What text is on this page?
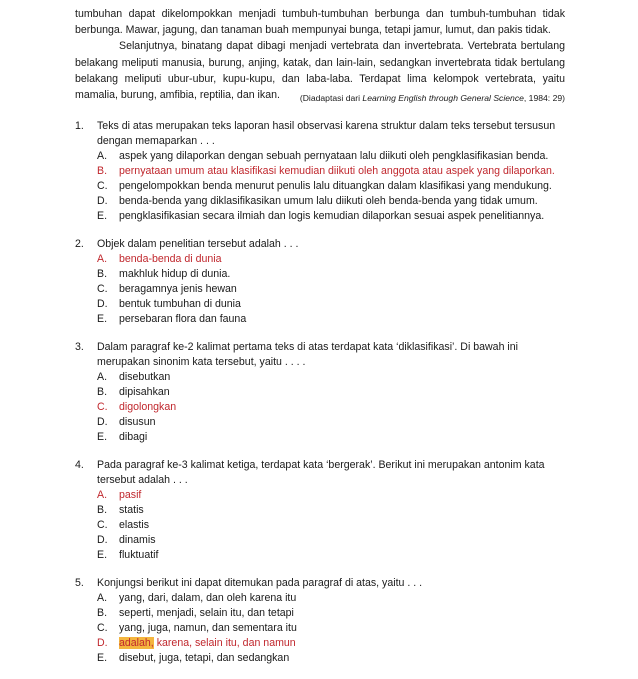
tumbuhan dapat dikelompokkan menjadi tumbuh-tumbuhan berbunga dan tumbuh-tumbuhan tidak berbunga. Mawar, jagung, dan tanaman buah mempunyai bunga, tetapi jamur, lumut, dan pakis tidak.

Selanjutnya, binatang dapat dibagi menjadi vertebrata dan invertebrata. Vertebrata bertulang belakang meliputi manusia, burung, anjing, katak, dan lain-lain, sedangkan invertebrata tidak bertulang belakang meliputi ubur-ubur, kupu-kupu, dan laba-laba. Terdapat lima kelompok vertebrata, yaitu mamalia, burung, amfibia, reptilia, dan ikan.	(Diadaptasi dari Learning English through General Science, 1984: 29)
1.	Teks di atas merupakan teks laporan hasil observasi karena struktur dalam teks tersebut tersusun dengan memaparkan . . .
A.	aspek yang dilaporkan dengan sebuah pernyataan lalu diikuti oleh pengklasifikasian benda.
B.	pernyataan umum atau klasifikasi kemudian diikuti oleh anggota atau aspek yang dilaporkan.
C.	pengelompokkan benda menurut penulis lalu dituangkan dalam klasifikasi yang mendukung.
D.	benda-benda yang diklasifikasikan umum lalu diikuti oleh benda-benda yang tidak umum.
E.	pengklasifikasian secara ilmiah dan logis kemudian dilaporkan sesuai aspek penelitiannya.
2.	Objek dalam penelitian tersebut adalah . . .
A.	benda-benda di dunia
B.	makhluk hidup di dunia.
C.	beragamnya jenis hewan
D.	bentuk tumbuhan di dunia
E.	persebaran flora dan fauna
3.	Dalam paragraf ke-2 kalimat pertama teks di atas terdapat kata ‘diklasifikasi’. Di bawah ini merupakan sinonim kata tersebut, yaitu . . . .
A.	disebutkan
B.	dipisahkan
C.	digolongkan
D.	disusun
E.	dibagi
4.	Pada paragraf ke-3 kalimat ketiga, terdapat kata ‘bergerak’. Berikut ini merupakan antonim kata tersebut adalah . . .
A.	pasif
B.	statis
C.	elastis
D.	dinamis
E.	fluktuatif
5.	Konjungsi berikut ini dapat ditemukan pada paragraf di atas, yaitu . . .
A.	yang, dari, dalam, dan oleh karena itu
B.	seperti, menjadi, selain itu, dan tetapi
C.	yang, juga, namun, dan sementara itu
D.	adalah, karena, selain itu, dan namun
E.	disebut, juga, tetapi, dan sedangkan
